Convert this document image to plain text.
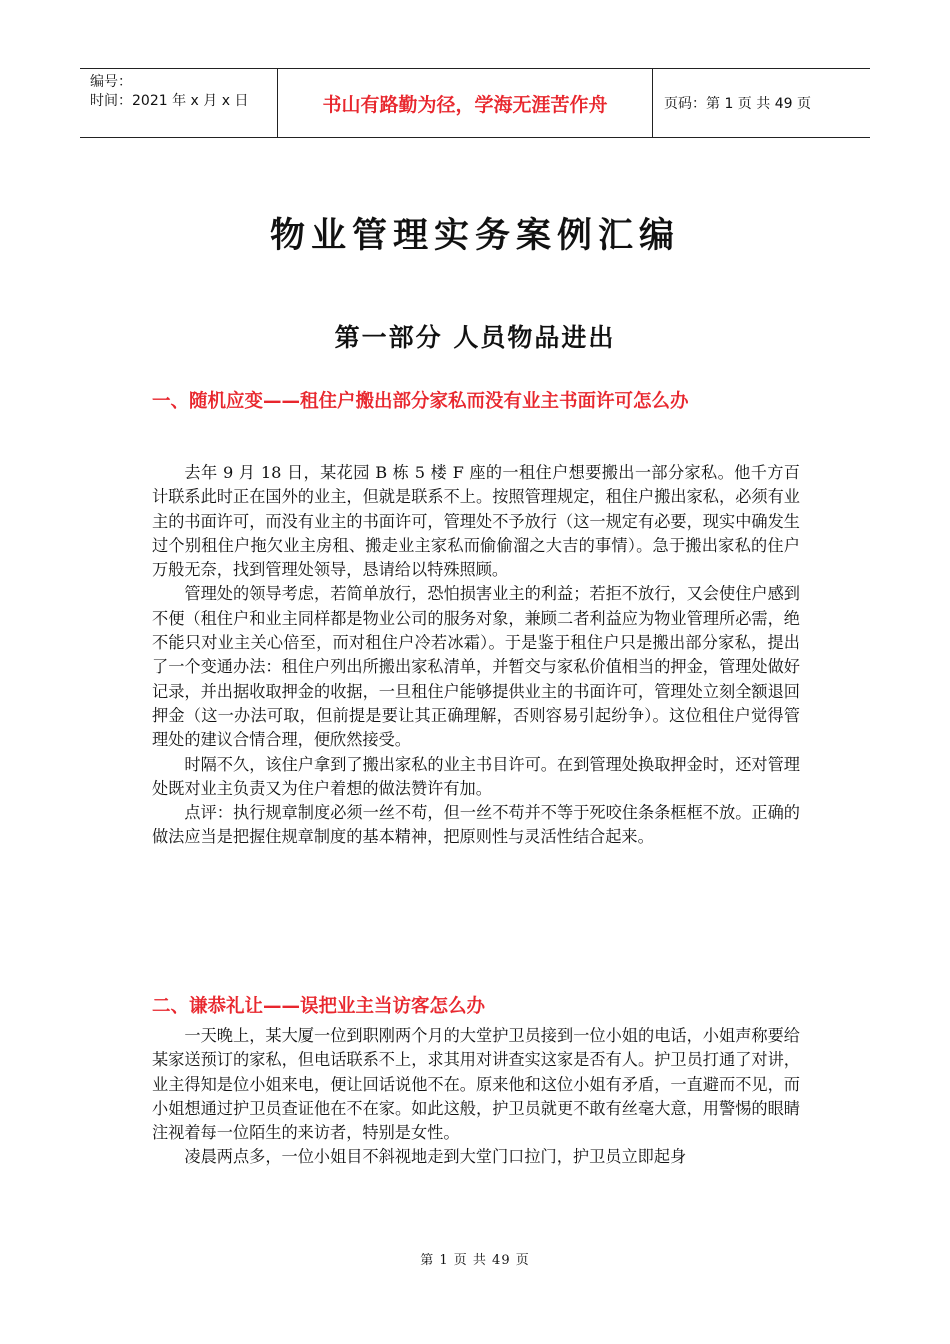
编号：
时间：2021 年 x 月 x 日	书山有路勤为径，学海无涯苦作舟	页码：第 1 页 共 49 页
物业管理实务案例汇编
第一部分 人员物品进出
一、随机应变——租住户搬出部分家私而没有业主书面许可怎么办

去年 9 月 18 日，某花园 B 栋 5 楼 F 座的一租住户想要搬出一部分家私。他千方百计联系此时正在国外的业主，但就是联系不上。按照管理规定，租住户搬出家私，必须有业主的书面许可，而没有业主的书面许可，管理处不予放行（这一规定有必要，现实中确发生过个别租住户拖欠业主房租、搬走业主家私而偷偷溜之大吉的事情）。急于搬出家私的住户万般无奈，找到管理处领导，恳请给以特殊照顾。

管理处的领导考虑，若简单放行，恐怕损害业主的利益；若拒不放行，又会使住户感到不便（租住户和业主同样都是物业公司的服务对象，兼顾二者利益应为物业管理所必需，绝不能只对业主关心倍至，而对租住户冷若冰霜）。于是鉴于租住户只是搬出部分家私，提出了一个变通办法：租住户列出所搬出家私清单，并暂交与家私价值相当的押金，管理处做好记录，并出据收取押金的收据，一旦租住户能够提供业主的书面许可，管理处立刻全额退回押金（这一办法可取，但前提是要让其正确理解，否则容易引起纷争）。这位租住户觉得管理处的建议合情合理，便欣然接受。

时隔不久，该住户拿到了搬出家私的业主书目许可。在到管理处换取押金时，还对管理处既对业主负责又为住户着想的做法赞许有加。

点评：执行规章制度必须一丝不苟，但一丝不苟并不等于死咬住条条框框不放。正确的做法应当是把握住规章制度的基本精神，把原则性与灵活性结合起来。

二、谦恭礼让——误把业主当访客怎么办

一天晚上，某大厦一位到职刚两个月的大堂护卫员接到一位小姐的电话，小姐声称要给某家送预订的家私，但电话联系不上，求其用对讲查实这家是否有人。护卫员打通了对讲，业主得知是位小姐来电，便让回话说他不在。原来他和这位小姐有矛盾，一直避而不见，而小姐想通过护卫员查证他在不在家。如此这般，护卫员就更不敢有丝毫大意，用警惕的眼睛注视着每一位陌生的来访者，特别是女性。

凌晨两点多，一位小姐目不斜视地走到大堂门口拉门，护卫员立即起身

第 1 页 共 49 页
